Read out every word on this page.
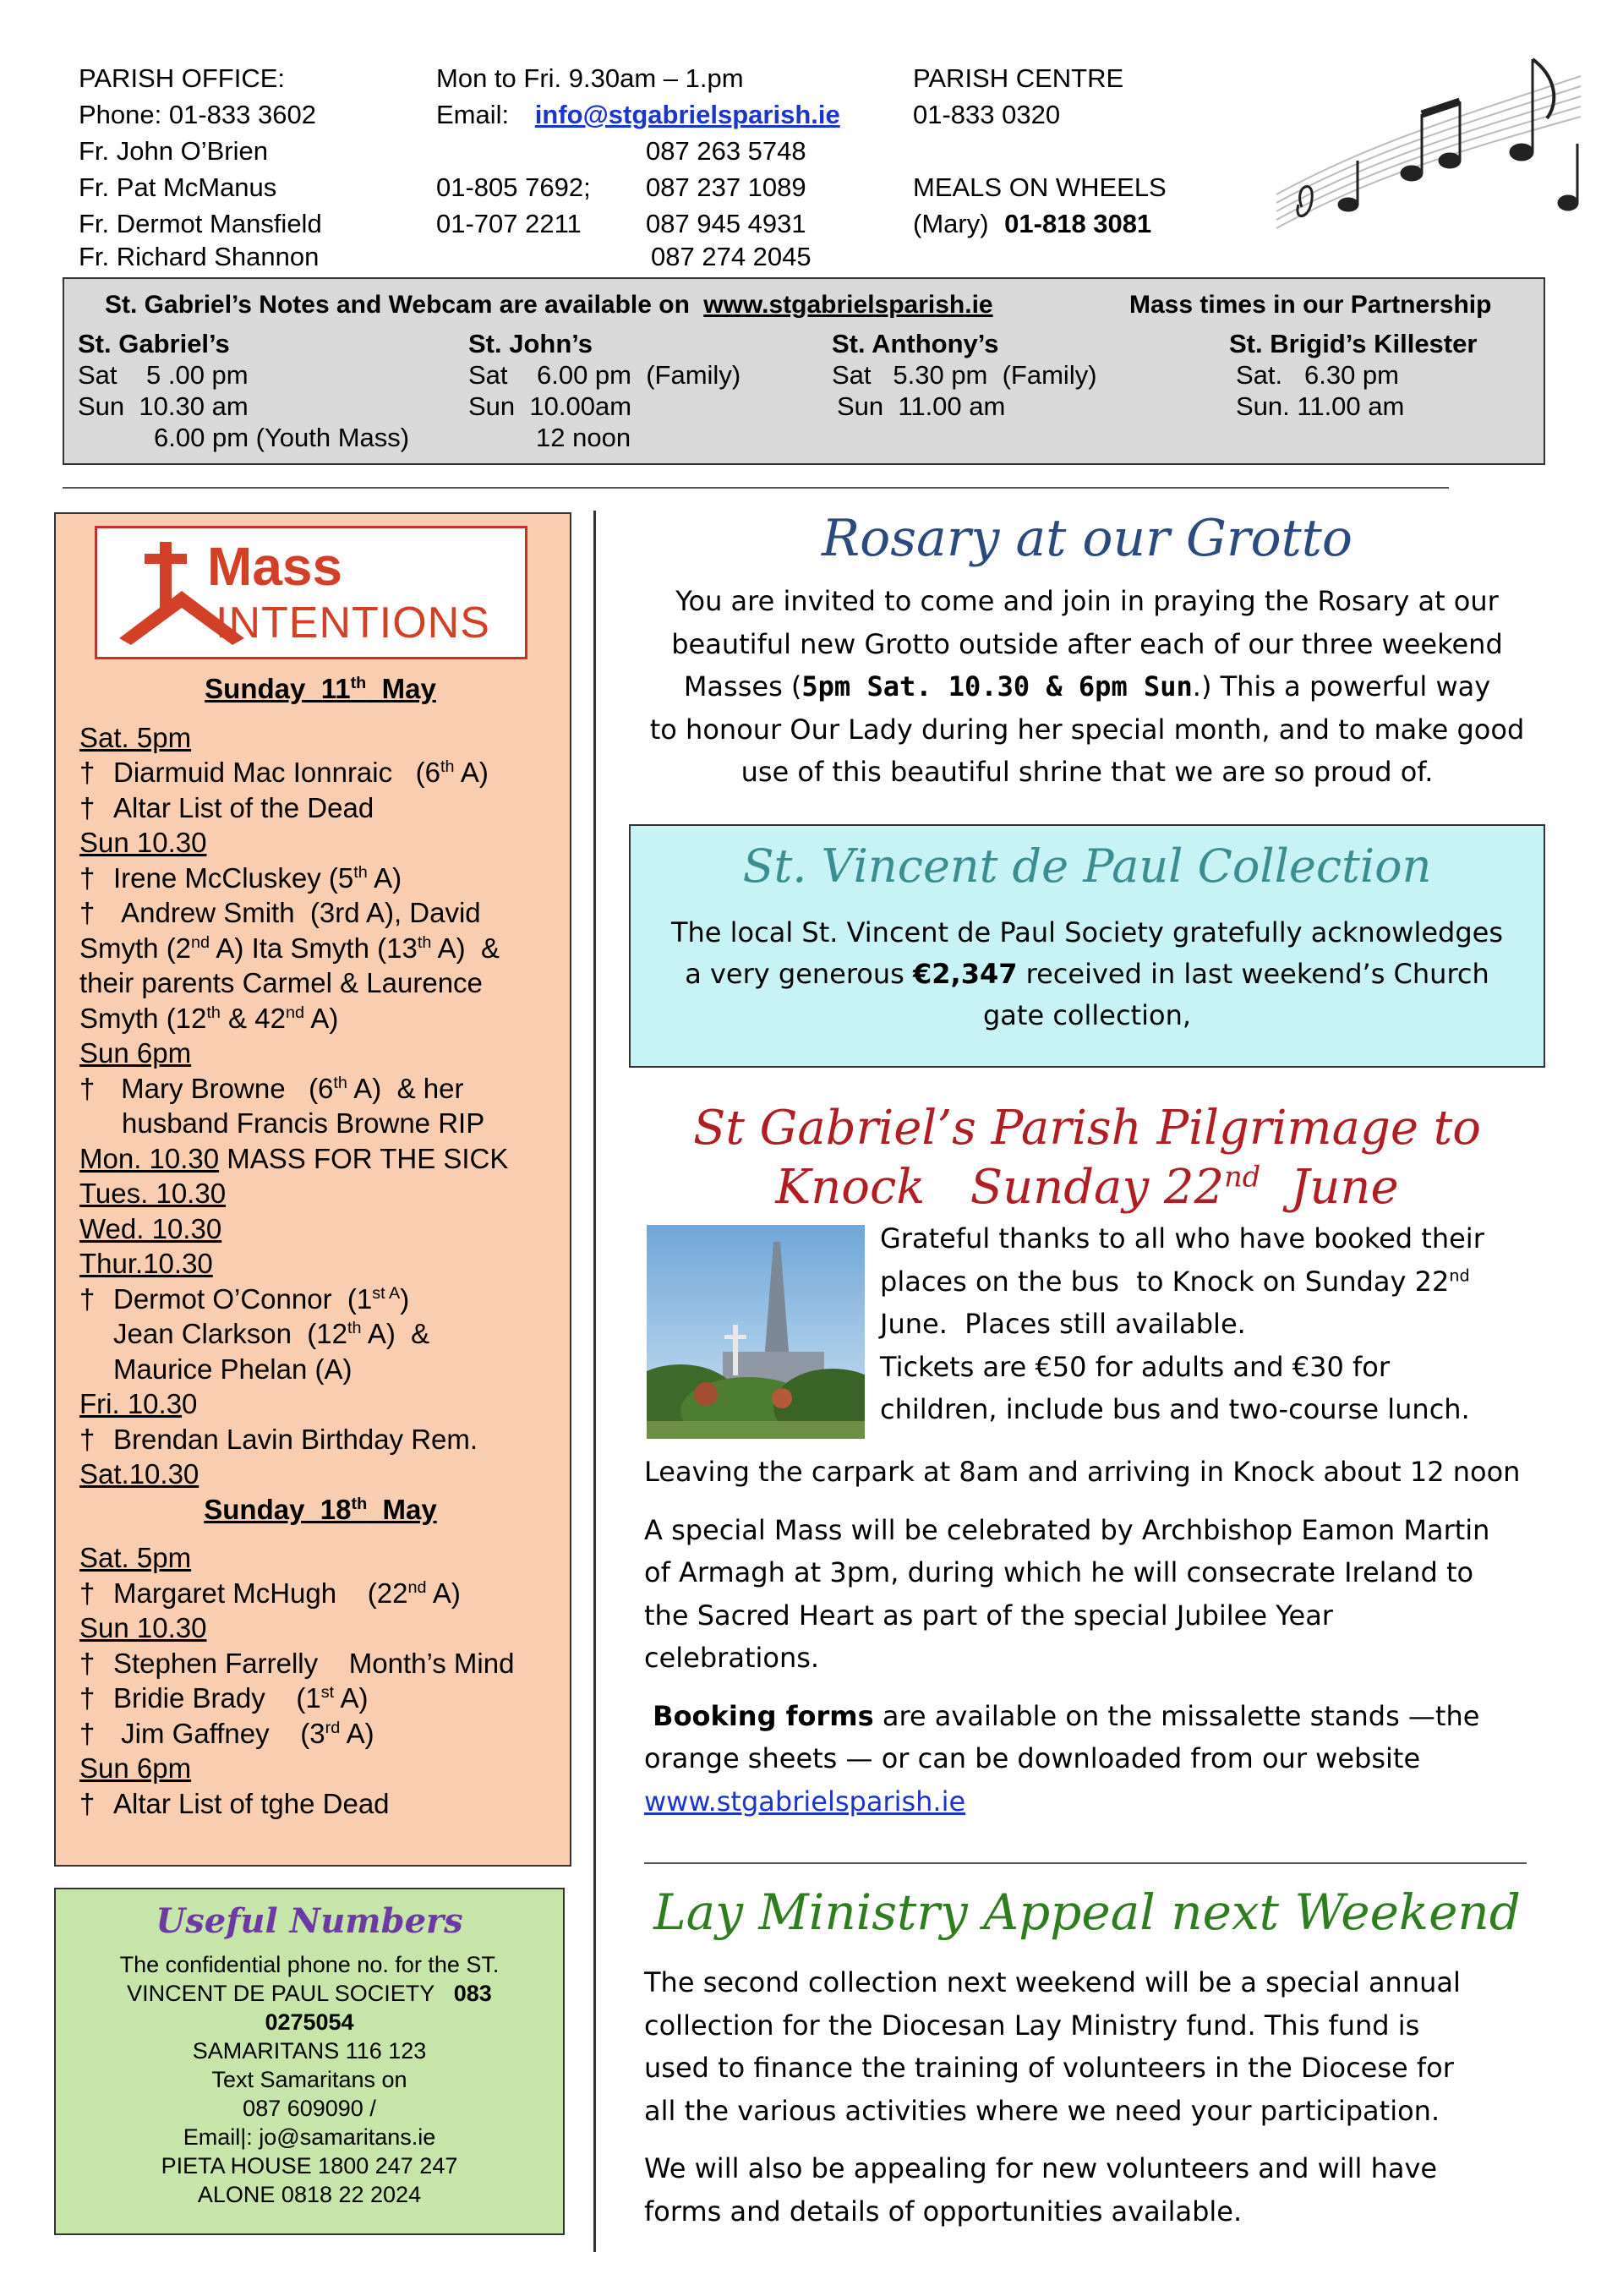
PARISH OFFICE:
Phone: 01-833 3602
Fr. John O’Brien
Fr. Pat McManus
Fr. Dermot Mansfield
Fr. Richard Shannon
Mon to Fri. 9.30am – 1.pm
Email: info@stgabrielsparish.ie
01-805 7692;
01-707 2211
087 263 5748
087 237 1089
087 945 4931
087 274 2045
PARISH CENTRE
01-833 0320
MEALS ON WHEELS
(Mary) 01-818 3081
St. Gabriel’s Notes and Webcam are available on www.stgabrielsparish.ie	Mass times in our Partnership
St. Gabriel’s
Sat    5 .00 pm
Sun  10.30 am
6.00 pm (Youth Mass)
St. John’s
Sat    6.00 pm  (Family)
Sun  10.00am
12 noon
St. Anthony’s
Sat   5.30 pm  (Family)
Sun  11.00 am
St. Brigid’s Killester
Sat.   6.30 pm
Sun. 11.00 am
Mass
INTENTIONS
Sunday  11th  May
Sat. 5pm
† Diarmuid Mac Ionnraic   (6th A)
† Altar List of the Dead
Sun 10.30
† Irene McCluskey (5th A)
† Andrew Smith  (3rd A), David
Smyth (2nd A) Ita Smyth (13th A)  &
their parents Carmel & Laurence
Smyth (12th & 42nd A)
Sun 6pm
† Mary Browne   (6th A)  & her
husband Francis Browne RIP
Mon. 10.30 MASS FOR THE SICK
Tues. 10.30
Wed. 10.30
Thur.10.30
† Dermot O’Connor  $(1^{st A})$
Jean Clarkson  (12th A)  &
Maurice Phelan (A)
Fri. 10.30
† Brendan Lavin Birthday Rem.
Sat.10.30
Sunday  18th  May
Sat. 5pm
† Margaret McHugh    (22nd A)
Sun 10.30
† Stephen Farrelly    Month’s Mind
† Bridie Brady    (1st A)
† Jim Gaffney    (3rd A)
Sun 6pm
† Altar List of tghe Dead
Useful Numbers
The confidential phone no. for the ST.
VINCENT DE PAUL SOCIETY 083
0275054
SAMARITANS 116 123
Text Samaritans on
087 609090 /
Email|: jo@samaritans.ie
PIETA HOUSE 1800 247 247
ALONE 0818 22 2024
Rosary at our Grotto
You are invited to come and join in praying the Rosary at our
beautiful new Grotto outside after each of our three weekend
Masses (5pm Sat. 10.30 & 6pm Sun.) This a powerful way
to honour Our Lady during her special month, and to make good
use of this beautiful shrine that we are so proud of.
St. Vincent de Paul Collection
The local St. Vincent de Paul Society gratefully acknowledges
a very generous €2,347 received in last weekend’s Church
gate collection,
St Gabriel’s Parish Pilgrimage to
Knock   Sunday 22nd  June
Grateful thanks to all who have booked their
places on the bus  to Knock on Sunday 22nd
June.  Places still available.
Tickets are €50 for adults and €30 for
children, include bus and two-course lunch.
Leaving the carpark at 8am and arriving in Knock about 12 noon
A special Mass will be celebrated by Archbishop Eamon Martin
of Armagh at 3pm, during which he will consecrate Ireland to
the Sacred Heart as part of the special Jubilee Year
celebrations.
Booking forms are available on the missalette stands —the
orange sheets — or can be downloaded from our website
www.stgabrielsparish.ie
Lay Ministry Appeal next Weekend
The second collection next weekend will be a special annual
collection for the Diocesan Lay Ministry fund. This fund is
used to finance the training of volunteers in the Diocese for
all the various activities where we need your participation.
We will also be appealing for new volunteers and will have
forms and details of opportunities available.
